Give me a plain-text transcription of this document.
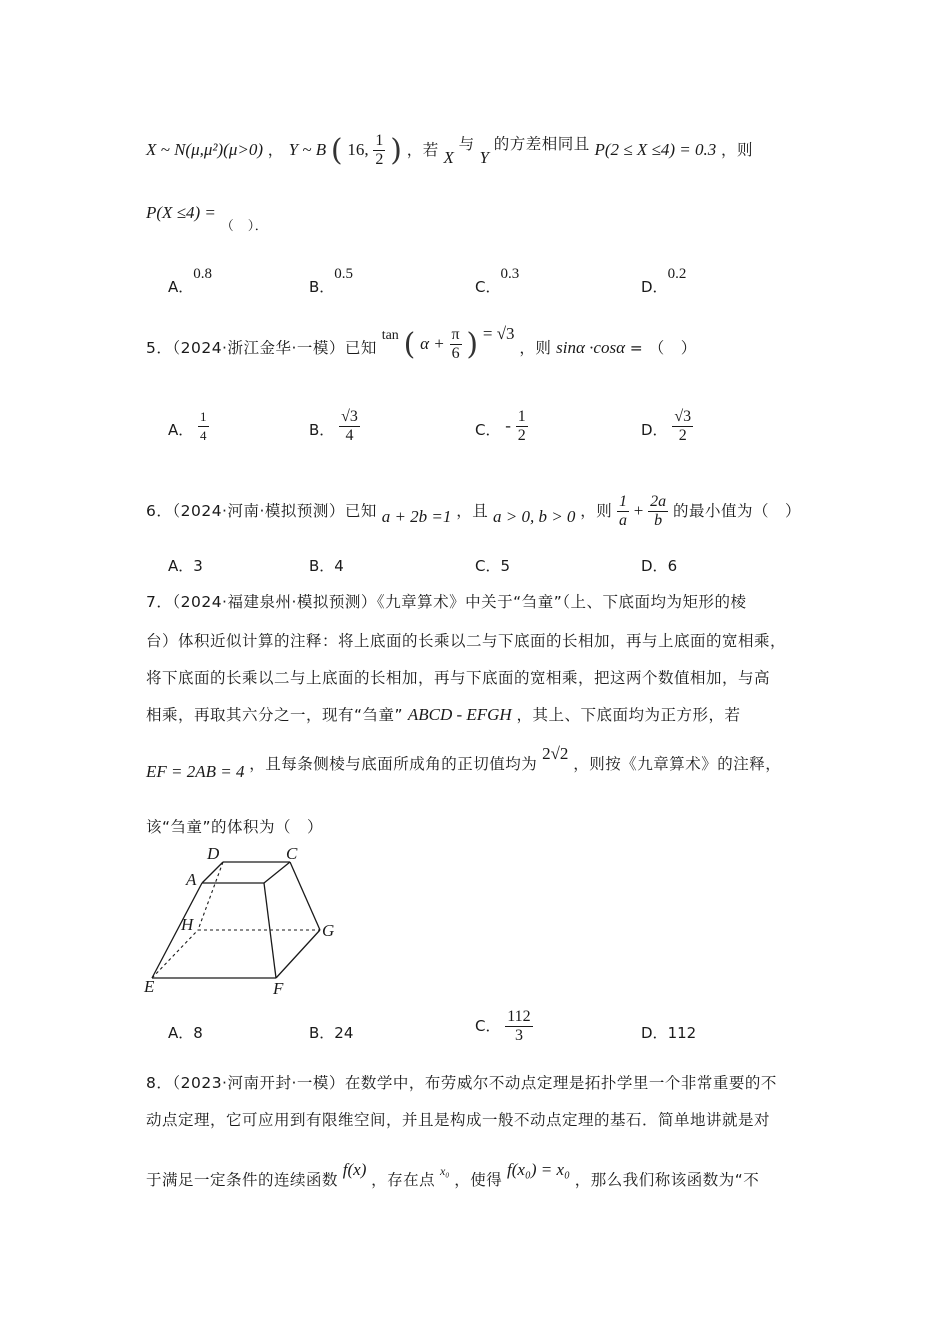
X ~ N(μ,μ²)(μ>0) ， Y ~ B ( 16, $\frac{1}{2}$ ) ，若 X 与 Y 的方差相同且 P(2 ≤ X ≤4) = 0.3 ，则
P(X ≤4) = （　）．
A．0.8
B．0.5
C．0.3
D．0.2
5．（2024·浙江金华·一模）已知 tan ( $\alpha + \frac{\pi}{6}$ ) = √3 ，则 sinα ·cosα = （　）
A． $\frac{1}{4}$	B． $\frac{√3}{4}$	C． - $\frac{1}{2}$	D． $\frac{√3}{2}$
6．（2024·河南·模拟预测）已知 a + 2b =1 ，且 a > 0, b > 0 ，则 $\frac{1}{a} + \frac{2a}{b}$ 的最小值为（　）
A．3	B．4	C．5	D．6
7．（2024·福建泉州·模拟预测）《九章算术》中关于“刍童”（上、下底面均为矩形的棱
台）体积近似计算的注释：将上底面的长乘以二与下底面的长相加，再与上底面的宽相乘，
将下底面的长乘以二与上底面的长相加，再与下底面的宽相乘，把这两个数值相加，与高
相乘，再取其六分之一，现有“刍童” ABCD - EFGH ，其上、下底面均为正方形，若
EF = 2AB = 4 ，且每条侧棱与底面所成角的正切值均为 2√2 ，则按《九章算术》的注释，
该“刍童”的体积为（　）
D	C
A
H	G
E	F
A．8	B．24	C． $\frac{112}{3}$	D．112
8．（2023·河南开封·一模）在数学中，布劳威尔不动点定理是拓扑学里一个非常重要的不
动点定理，它可应用到有限维空间，并且是构成一般不动点定理的基石．简单地讲就是对
于满足一定条件的连续函数 f(x) ，存在点 x₀ ，使得 f(x₀) = x₀ ，那么我们称该函数为“不
